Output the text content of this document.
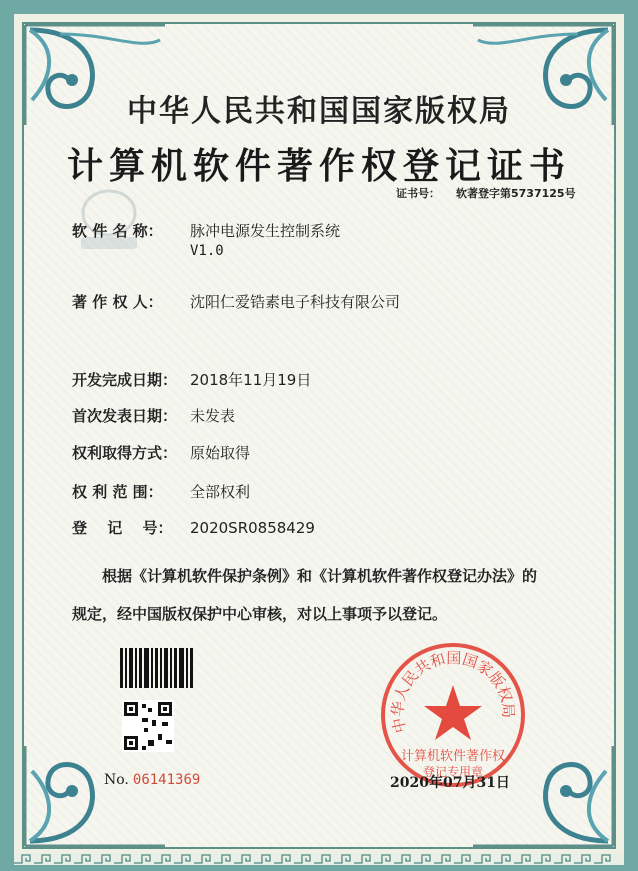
中华人民共和国国家版权局
计算机软件著作权登记证书
证书号： 软著登字第5737125号
软 件 名 称： 脉冲电源发生控制系统
V1.0
著 作 权 人： 沈阳仁爱锆素电子科技有限公司
开发完成日期： 2018年11月19日
首次发表日期： 未发表
权利取得方式： 原始取得
权 利 范 围： 全部权利
登　 记　 号： 2020SR0858429
根据《计算机软件保护条例》和《计算机软件著作权登记办法》的
规定，经中国版权保护中心审核，对以上事项予以登记。
No. 06141369
中华人民共和国国家版权局
计算机软件著作权
登记专用章
2020年07月31日
